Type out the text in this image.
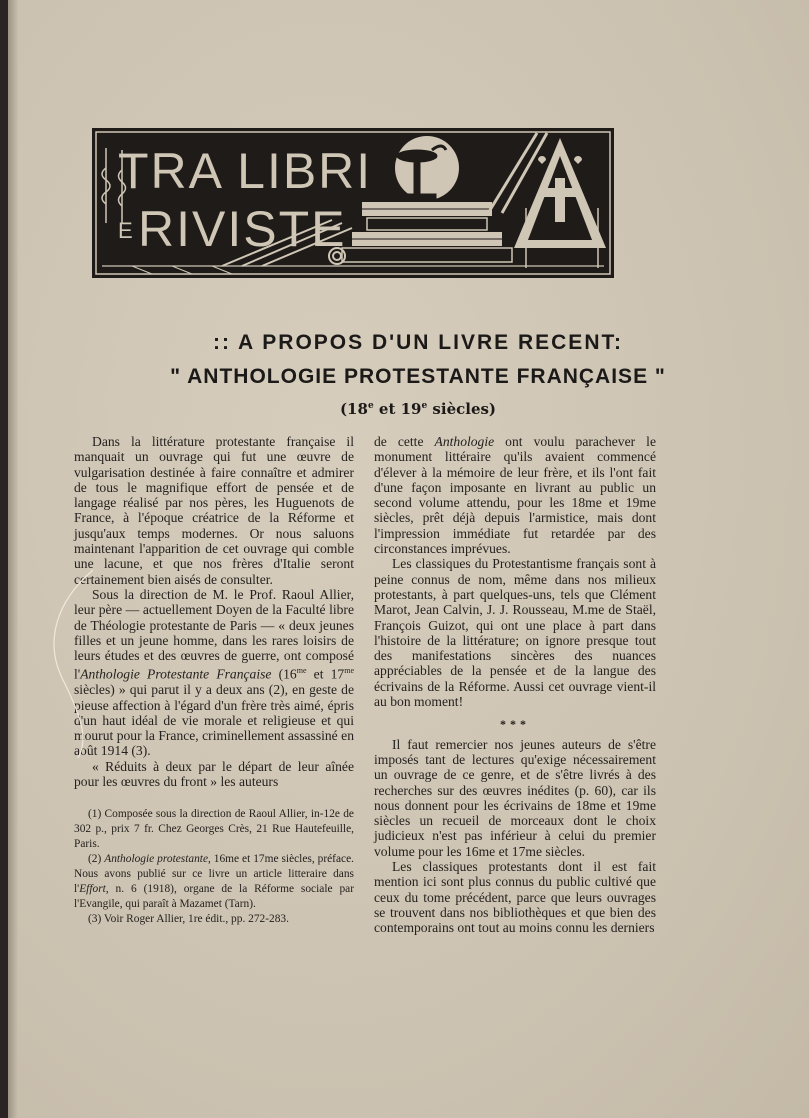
TRA LIBRI
E RIVISTE
:: A PROPOS D'UN LIVRE RECENT:
" ANTHOLOGIE PROTESTANTE FRANÇAISE "
(18e et 19e siècles)

Dans la littérature protestante française il manquait un ouvrage qui fut une œuvre de vulgarisation destinée à faire connaître et admirer de tous le magnifique effort de pensée et de langage réalisé par nos pères, les Huguenots de France, à l'époque créatrice de la Réforme et jusqu'aux temps modernes. Or nous saluons maintenant l'apparition de cet ouvrage qui comble une lacune, et que nos frères d'Italie seront certainement bien aisés de consulter.

Sous la direction de M. le Prof. Raoul Allier, leur père — actuellement Doyen de la Faculté libre de Théologie protestante de Paris — « deux jeunes filles et un jeune homme, dans les rares loisirs de leurs études et des œuvres de guerre, ont composé l'Anthologie Protestante Française ($16^{me}$ et $17^{me}$ siècles) » qui parut il y a deux ans (2), en geste de pieuse affection à l'égard d'un frère très aimé, épris d'un haut idéal de vie morale et religieuse et qui mourut pour la France, criminellement assassiné en août 1914 (3).

« Réduits à deux par le départ de leur aînée pour les œuvres du front » les auteurs

(1) Composée sous la direction de Raoul Allier, in-12e de 302 p., prix 7 fr. Chez Georges Crès, 21 Rue Hautefeuille, Paris.

(2) Anthologie protestante, 16me et 17me siècles, préface. Nous avons publié sur ce livre un article litteraire dans l'Effort, n. 6 (1918), organe de la Réforme sociale par l'Evangile, qui paraît à Mazamet (Tarn).

(3) Voir Roger Allier, 1re édit., pp. 272-283.

de cette Anthologie ont voulu parachever le monument littéraire qu'ils avaient commencé d'élever à la mémoire de leur frère, et ils l'ont fait d'une façon imposante en livrant au public un second volume attendu, pour les 18me et 19me siècles, prêt déjà depuis l'armistice, mais dont l'impression immédiate fut retardée par des circonstances imprévues.

Les classiques du Protestantisme français sont à peine connus de nom, même dans nos milieux protestants, à part quelques-uns, tels que Clément Marot, Jean Calvin, J. J. Rousseau, M.me de Staël, François Guizot, qui ont une place à part dans l'histoire de la littérature; on ignore presque tout des manifestations sincères des nuances appréciables de la pensée et de la langue des écrivains de la Réforme. Aussi cet ouvrage vient-il au bon moment!

***

Il faut remercier nos jeunes auteurs de s'être imposés tant de lectures qu'exige nécessairement un ouvrage de ce genre, et de s'être livrés à des recherches sur des œuvres inédites (p. 60), car ils nous donnent pour les écrivains de 18me et 19me siècles un recueil de morceaux dont le choix judicieux n'est pas inférieur à celui du premier volume pour les 16me et 17me siècles.

Les classiques protestants dont il est fait mention ici sont plus connus du public cultivé que ceux du tome précédent, parce que leurs ouvrages se trouvent dans nos bibliothèques et que bien des contemporains ont tout au moins connu les derniers
